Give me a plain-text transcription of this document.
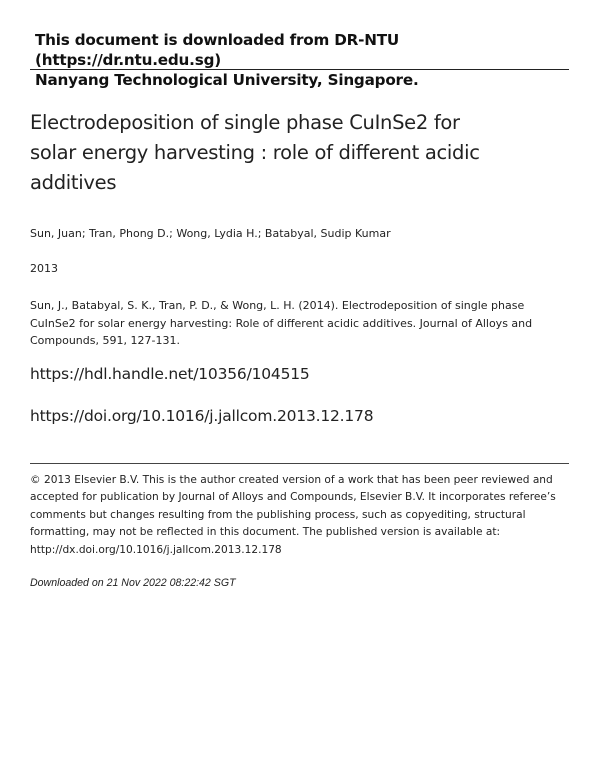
This document is downloaded from DR-NTU (https://dr.ntu.edu.sg)
Nanyang Technological University, Singapore.
Electrodeposition of single phase CuInSe2 for solar energy harvesting : role of different acidic additives
Sun, Juan; Tran, Phong D.; Wong, Lydia H.; Batabyal, Sudip Kumar
2013
Sun, J., Batabyal, S. K., Tran, P. D., & Wong, L. H. (2014). Electrodeposition of single phase CuInSe2 for solar energy harvesting: Role of different acidic additives. Journal of Alloys and Compounds, 591, 127-131.
https://hdl.handle.net/10356/104515
https://doi.org/10.1016/j.jallcom.2013.12.178
© 2013 Elsevier B.V. This is the author created version of a work that has been peer reviewed and accepted for publication by Journal of Alloys and Compounds, Elsevier B.V. It incorporates referee’s comments but changes resulting from the publishing process, such as copyediting, structural formatting, may not be reflected in this document. The published version is available at: http://dx.doi.org/10.1016/j.jallcom.2013.12.178
Downloaded on 21 Nov 2022 08:22:42 SGT
